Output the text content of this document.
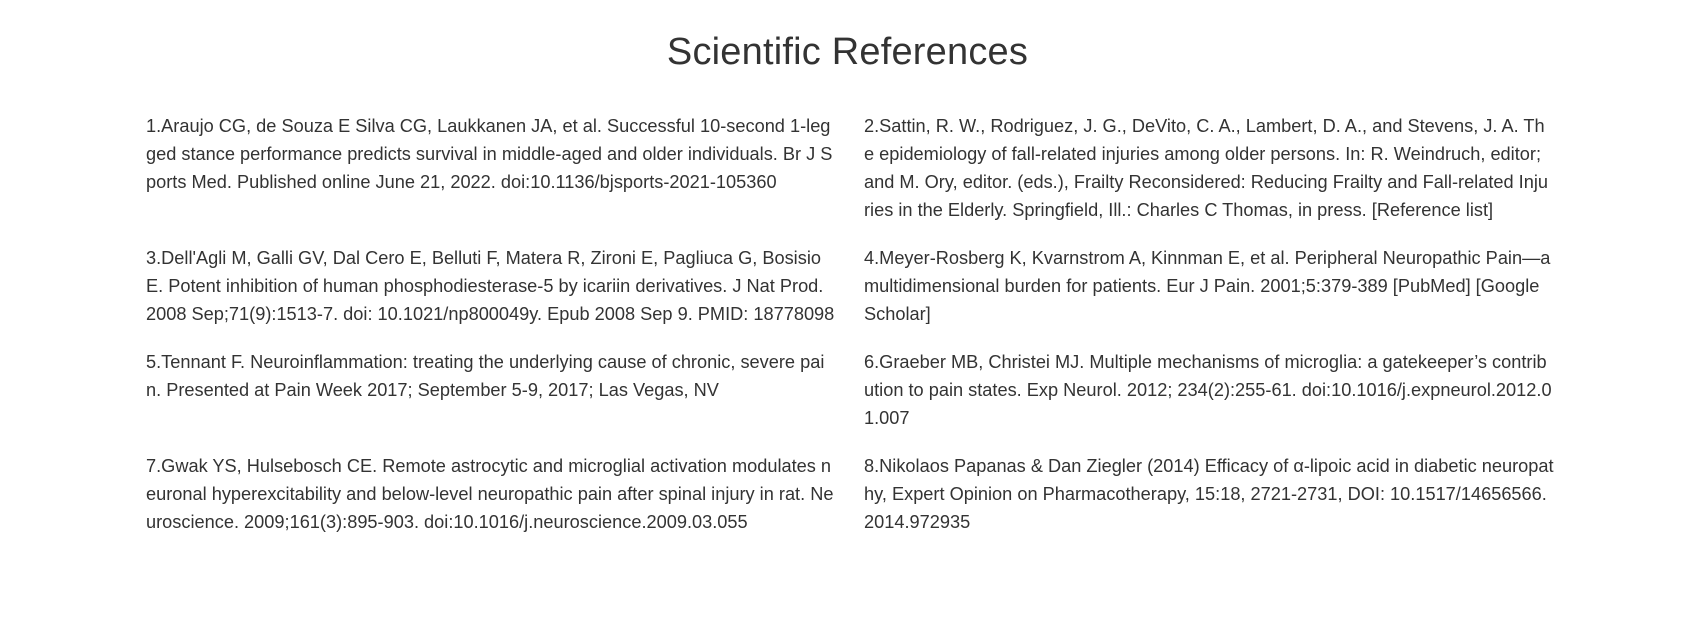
Scientific References

1.Araujo CG, de Souza E Silva CG, Laukkanen JA, et al. Successful 10-second 1-legged stance performance predicts survival in middle-aged and older individuals. Br J Sports Med. Published online June 21, 2022. doi:10.1136/bjsports-2021-105360

2.Sattin, R. W., Rodriguez, J. G., DeVito, C. A., Lambert, D. A., and Stevens, J. A. The epidemiology of fall-related injuries among older persons. In: R. Weindruch, editor; and M. Ory, editor. (eds.), Frailty Reconsidered: Reducing Frailty and Fall-related Injuries in the Elderly. Springfield, Ill.: Charles C Thomas, in press. [Reference list]

3.Dell'Agli M, Galli GV, Dal Cero E, Belluti F, Matera R, Zironi E, Pagliuca G, Bosisio E. Potent inhibition of human phosphodiesterase-5 by icariin derivatives. J Nat Prod. 2008 Sep;71(9):1513-7. doi: 10.1021/np800049y. Epub 2008 Sep 9. PMID: 18778098

4.Meyer-Rosberg K, Kvarnstrom A, Kinnman E, et al. Peripheral Neuropathic Pain—a multidimensional burden for patients. Eur J Pain. 2001;5:379-389 [PubMed] [Google Scholar]

5.Tennant F. Neuroinflammation: treating the underlying cause of chronic, severe pain. Presented at Pain Week 2017; September 5-9, 2017; Las Vegas, NV

6.Graeber MB, Christei MJ. Multiple mechanisms of microglia: a gatekeeper’s contribution to pain states. Exp Neurol. 2012; 234(2):255-61. doi:10.1016/j.expneurol.2012.01.007

7.Gwak YS, Hulsebosch CE. Remote astrocytic and microglial activation modulates neuronal hyperexcitability and below-level neuropathic pain after spinal injury in rat. Neuroscience. 2009;161(3):895-903. doi:10.1016/j.neuroscience.2009.03.055

8.Nikolaos Papanas & Dan Ziegler (2014) Efficacy of α-lipoic acid in diabetic neuropathy, Expert Opinion on Pharmacotherapy, 15:18, 2721-2731, DOI: 10.1517/14656566.2014.972935
